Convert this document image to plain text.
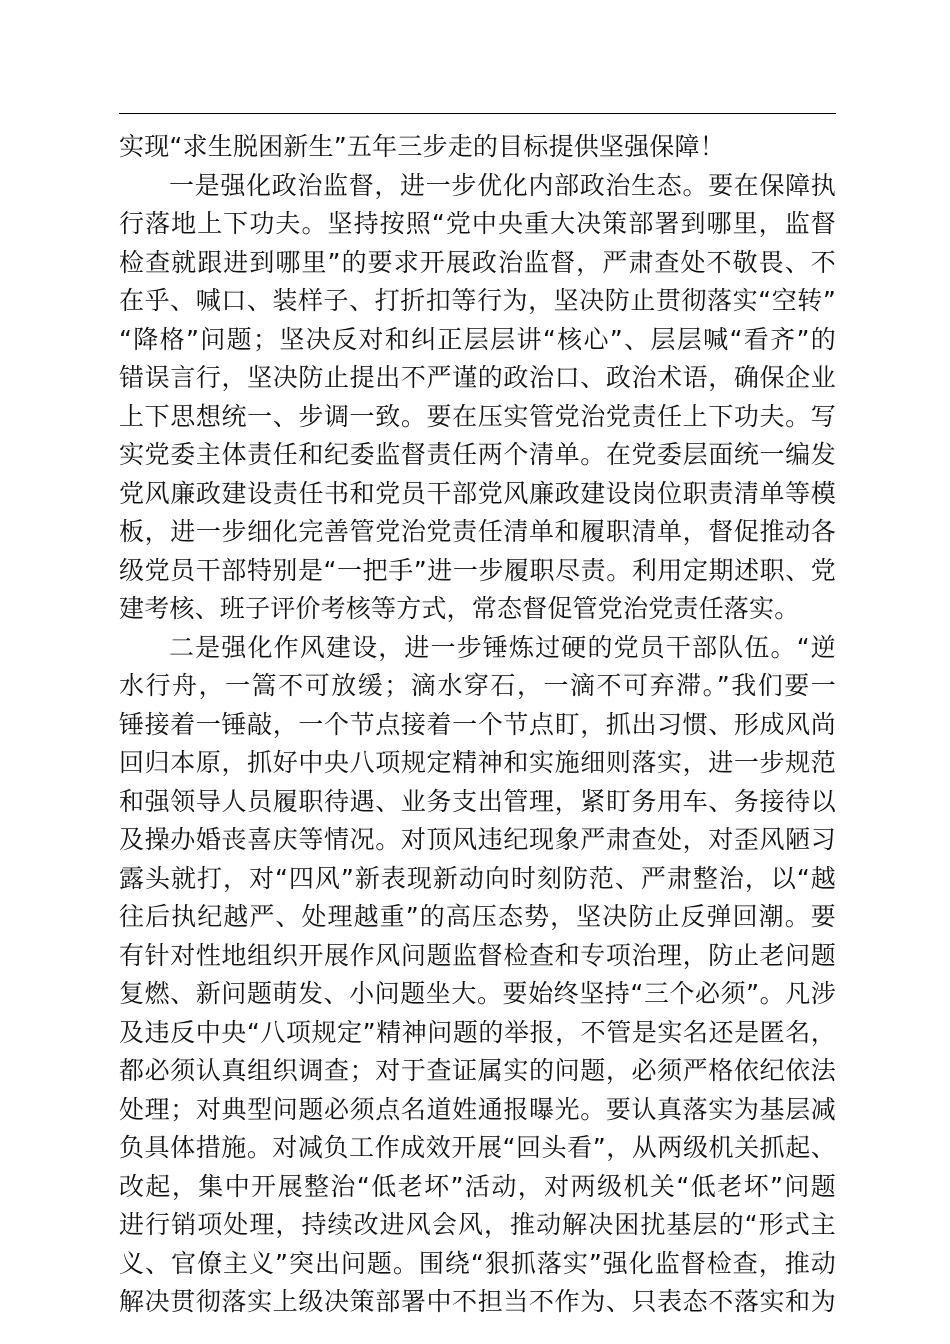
实现“求生脱困新生”五年三步走的目标提供坚强保障！
一是强化政治监督，进一步优化内部政治生态。要在保障执
行落地上下功夫。坚持按照“党中央重大决策部署到哪里，监督
检查就跟进到哪里”的要求开展政治监督，严肃查处不敬畏、不
在乎、喊口、装样子、打折扣等行为，坚决防止贯彻落实“空转”
“降格”问题；坚决反对和纠正层层讲“核心”、层层喊“看齐”的
错误言行，坚决防止提出不严谨的政治口、政治术语，确保企业
上下思想统一、步调一致。要在压实管党治党责任上下功夫。写
实党委主体责任和纪委监督责任两个清单。在党委层面统一编发
党风廉政建设责任书和党员干部党风廉政建设岗位职责清单等模
板，进一步细化完善管党治党责任清单和履职清单，督促推动各
级党员干部特别是“一把手”进一步履职尽责。利用定期述职、党
建考核、班子评价考核等方式，常态督促管党治党责任落实。
二是强化作风建设，进一步锤炼过硬的党员干部队伍。“逆
水行舟，一篙不可放缓；滴水穿石，一滴不可弃滞。”我们要一
锤接着一锤敲，一个节点接着一个节点盯，抓出习惯、形成风尚
回归本原，抓好中央八项规定精神和实施细则落实，进一步规范
和强领导人员履职待遇、业务支出管理，紧盯务用车、务接待以
及操办婚丧喜庆等情况。对顶风违纪现象严肃查处，对歪风陋习
露头就打，对“四风”新表现新动向时刻防范、严肃整治，以“越
往后执纪越严、处理越重”的高压态势，坚决防止反弹回潮。要
有针对性地组织开展作风问题监督检查和专项治理，防止老问题
复燃、新问题萌发、小问题坐大。要始终坚持“三个必须”。凡涉
及违反中央“八项规定”精神问题的举报，不管是实名还是匿名，
都必须认真组织调查；对于查证属实的问题，必须严格依纪依法
处理；对典型问题必须点名道姓通报曝光。要认真落实为基层减
负具体措施。对减负工作成效开展“回头看”，从两级机关抓起、
改起，集中开展整治“低老坏”活动，对两级机关“低老坏”问题
进行销项处理，持续改进风会风，推动解决困扰基层的“形式主
义、官僚主义”突出问题。围绕“狠抓落实”强化监督检查，推动
解决贯彻落实上级决策部署中不担当不作为、只表态不落实和为
